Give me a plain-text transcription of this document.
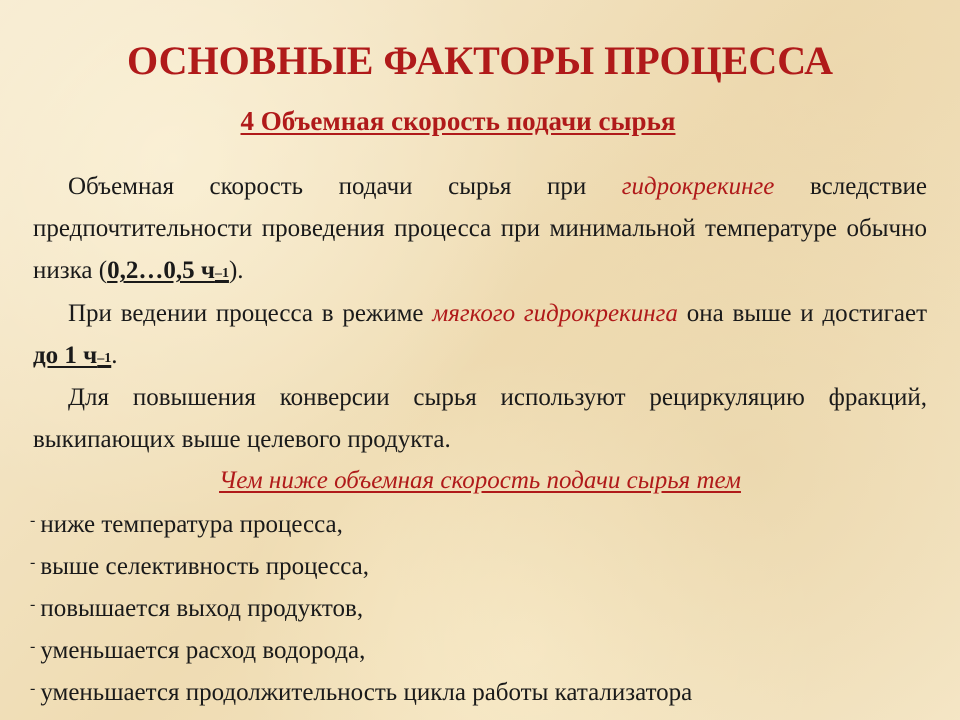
ОСНОВНЫЕ ФАКТОРЫ ПРОЦЕССА
4 Объемная скорость подачи сырья

Объемная скорость подачи сырья при гидрокрекинге вследствие предпочтительности проведения процесса при минимальной температуре обычно низка (0,2…0,5 ч–1).

При ведении процесса в режиме мягкого гидрокрекинга она выше и достигает до 1 ч–1.

Для повышения конверсии сырья используют рециркуляцию фракций, выкипающих выше целевого продукта.

Чем ниже объемная скорость подачи сырья тем

- ниже температура процесса,
- выше селективность процесса,
- повышается выход продуктов,
- уменьшается расход водорода,
- уменьшается продолжительность цикла работы катализатора
